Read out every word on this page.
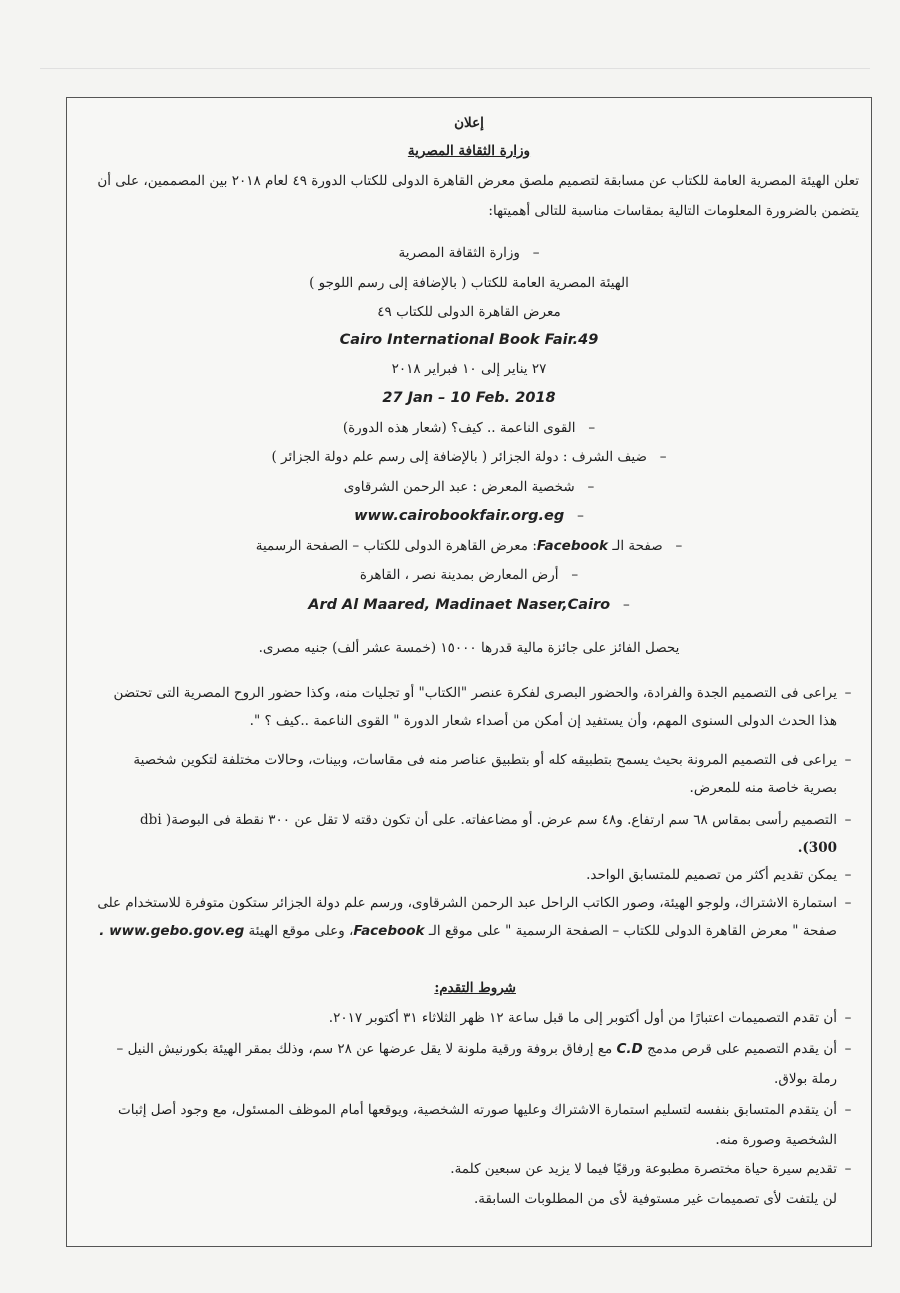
إعلان
وزارة الثقافة المصرية
تعلن الهيئة المصرية العامة للكتاب عن مسابقة لتصميم ملصق معرض القاهرة الدولى للكتاب الدورة ٤٩ لعام ٢٠١٨ بين المصممين، على أن
يتضمن بالضرورة المعلومات التالية بمقاسات مناسبة للتالى أهميتها:
–   وزارة الثقافة المصرية
الهيئة المصرية العامة للكتاب ( بالإضافة إلى رسم اللوجو )
معرض القاهرة الدولى للكتاب ٤٩
Cairo International Book Fair.49
٢٧ يناير إلى ١٠ فبراير ٢٠١٨
27 Jan – 10 Feb. 2018
–   القوى الناعمة .. كيف؟ (شعار هذه الدورة)
–   ضيف الشرف : دولة الجزائر ( بالإضافة إلى رسم علم دولة الجزائر )
–   شخصية المعرض : عبد الرحمن الشرقاوى
www.cairobookfair.org.eg –
–   صفحة الـ Facebook: معرض القاهرة الدولى للكتاب – الصفحة الرسمية
–   أرض المعارض بمدينة نصر ، القاهرة
Ard Al Maared, Madinaet Naser,Cairo –
يحصل الفائز على جائزة مالية قدرها ١٥٠٠٠ (خمسة عشر ألف) جنيه مصرى.
–يراعى فى التصميم الجدة والفرادة، والحضور البصرى لفكرة عنصر "الكتاب" أو تجليات منه، وكذا حضور الروح المصرية التى تحتضن
هذا الحدث الدولى السنوى المهم، وأن يستفيد إن أمكن من أصداء شعار الدورة " القوى الناعمة ..كيف ؟ ".
–يراعى فى التصميم المرونة بحيث يسمح بتطبيقه كله أو بتطبيق عناصر منه فى مقاسات، وبينات، وحالات مختلفة لتكوين شخصية
بصرية خاصة منه للمعرض.
–التصميم رأسى بمقاس ٦٨ سم ارتفاع. و٤٨ سم عرض. أو مضاعفاته. على أن تكون دقته لا تقل عن ٣٠٠ نقطة فى البوصة( dbi
.(300
–يمكن تقديم أكثر من تصميم للمتسابق الواحد.
–استمارة الاشتراك، ولوجو الهيئة، وصور الكاتب الراحل عبد الرحمن الشرقاوى، ورسم علم دولة الجزائر ستكون متوفرة للاستخدام على
صفحة " معرض القاهرة الدولى للكتاب – الصفحة الرسمية " على موقع الـ Facebook، وعلى موقع الهيئة www.gebo.gov.eg .
شروط التقدم:
–أن تقدم التصميمات اعتبارًا من أول أكتوبر إلى ما قبل ساعة ١٢ ظهر الثلاثاء ٣١ أكتوبر ٢٠١٧.
–أن يقدم التصميم على قرص مدمج C.D مع إرفاق بروفة ورقية ملونة لا يقل عرضها عن ٢٨ سم، وذلك بمقر الهيئة بكورنيش النيل –
رملة بولاق.
–أن يتقدم المتسابق بنفسه لتسليم استمارة الاشتراك وعليها صورته الشخصية، ويوقعها أمام الموظف المسئول، مع وجود أصل إثبات
الشخصية وصورة منه.
–تقديم سيرة حياة مختصرة مطبوعة ورقيًا فيما لا يزيد عن سبعين كلمة.
لن يلتفت لأى تصميمات غير مستوفية لأى من المطلوبات السابقة.
